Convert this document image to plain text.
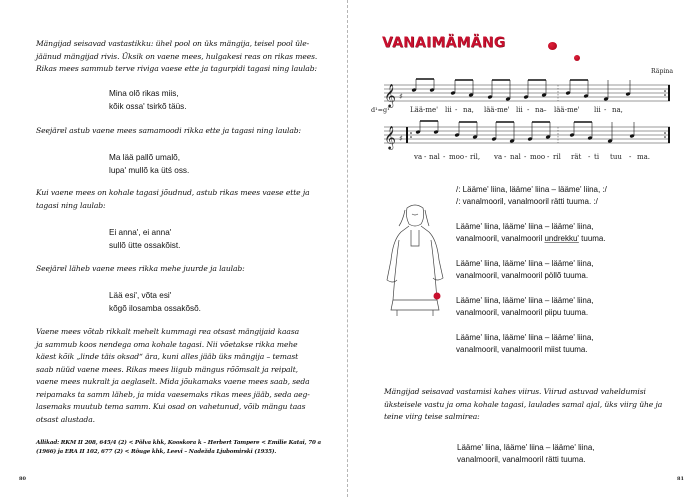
Mängijad seisavad vastastikku: ühel pool on üks mängija, teisel pool üle-
jäänud mängijad rivis. Üksik on vaene mees, hulgakesi reas on rikas mees.
Rikas mees sammub terve riviga vaese ette ja tagurpidi tagasi ning laulab:

Mina olõ rikas miis,
kõik ossa' tsirkõ täüs.

Seejärel astub vaene mees samamoodi rikka ette ja tagasi ning laulab:

Ma lää pallõ umalõ,
lupa' mullõ ka ütś oss.

Kui vaene mees on kohale tagasi jõudnud, astub rikas mees vaese ette ja
tagasi ning laulab:

Ei anna', ei anna'
sullõ ütte ossakõist.

Seejärel läheb vaene mees rikka mehe juurde ja laulab:

Lää esi', võta esi'
kõgõ ilosamba ossakõsõ.

Vaene mees võtab rikkalt mehelt kummagi rea otsast mängijaid kaasa
ja sammub koos nendega oma kohale tagasi. Nii võetakse rikka mehe
käest kõik „linde täis oksad“ ära, kuni alles jääb üks mängija – temast
saab nüüd vaene mees. Rikas mees liigub mängus rõõmsalt ja reipalt,
vaene mees nukralt ja aeglaselt. Mida jõukamaks vaene mees saab, seda
reipamaks ta samm läheb, ja mida vaesemaks rikas mees jääb, seda aeg-
lasemaks muutub tema samm. Kui osad on vahetunud, võib mängu taas
otsast alustada.

Allikad: RKM II 208, 645/4 (2) < Põlva khk, Kooskora k – Herbert Tampere < Emilie Katai, 70 a
(1966) ja ERA II 102, 677 (2) < Rõuge khk, Leevi – Nadežda Ljubomirski (1935).

80
VANAIMÄMÄNG
Räpina
𝄞
𝄞
♯
♯
d¹=g¹	Lää-me' lii - na, lää-me' lii - na – lää-me' lii - na,
va - nal - moo - ril, va - nal - moo - ril rät - ti tuu - ma.
/: Lääme' liina, lääme' liina – lääme' liina, :/
/: vanalmooril, vanalmooril rätti tuuma. :/
Lääme' liina, lääme' liina – lääme' liina,
vanalmooril, vanalmooril undrekku' tuuma.
Lääme' liina, lääme' liina – lääme' liina,
vanalmooril, vanalmooril pöllõ tuuma.
Lääme' liina, lääme' liina – lääme' liina,
vanalmooril, vanalmooril piipu tuuma.
Lääme' liina, lääme' liina – lääme' liina,
vanalmooril, vanalmooril miist tuuma.

Mängijad seisavad vastamisi kahes viirus. Viirud astuvad vaheldumisi
üksteisele vastu ja oma kohale tagasi, laulades samal ajal, üks viirg ühe ja
teine viirg teise salmirea:

Lääme' liina, lääme' liina – lääme' liina,
vanalmooril, vanalmooril rätti tuuma.
81
